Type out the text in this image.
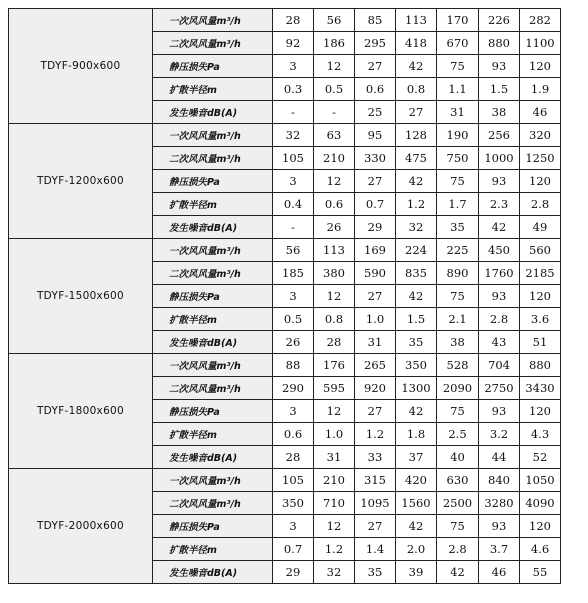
TDYF-900x600	一次风风量m³/h	28	56	85	113	170	226	282
	二次风风量m³/h	92	186	295	418	670	880	1100
	静压损失Pa	3	12	27	42	75	93	120
	扩散半径m	0.3	0.5	0.6	0.8	1.1	1.5	1.9
	发生噪音dB(A)	-	-	25	27	31	38	46
TDYF-1200x600	一次风风量m³/h	32	63	95	128	190	256	320
	二次风风量m³/h	105	210	330	475	750	1000	1250
	静压损失Pa	3	12	27	42	75	93	120
	扩散半径m	0.4	0.6	0.7	1.2	1.7	2.3	2.8
	发生噪音dB(A)	-	26	29	32	35	42	49
TDYF-1500x600	一次风风量m³/h	56	113	169	224	225	450	560
	二次风风量m³/h	185	380	590	835	890	1760	2185
	静压损失Pa	3	12	27	42	75	93	120
	扩散半径m	0.5	0.8	1.0	1.5	2.1	2.8	3.6
	发生噪音dB(A)	26	28	31	35	38	43	51
TDYF-1800x600	一次风风量m³/h	88	176	265	350	528	704	880
	二次风风量m³/h	290	595	920	1300	2090	2750	3430
	静压损失Pa	3	12	27	42	75	93	120
	扩散半径m	0.6	1.0	1.2	1.8	2.5	3.2	4.3
	发生噪音dB(A)	28	31	33	37	40	44	52
TDYF-2000x600	一次风风量m³/h	105	210	315	420	630	840	1050
	二次风风量m³/h	350	710	1095	1560	2500	3280	4090
	静压损失Pa	3	12	27	42	75	93	120
	扩散半径m	0.7	1.2	1.4	2.0	2.8	3.7	4.6
	发生噪音dB(A)	29	32	35	39	42	46	55
